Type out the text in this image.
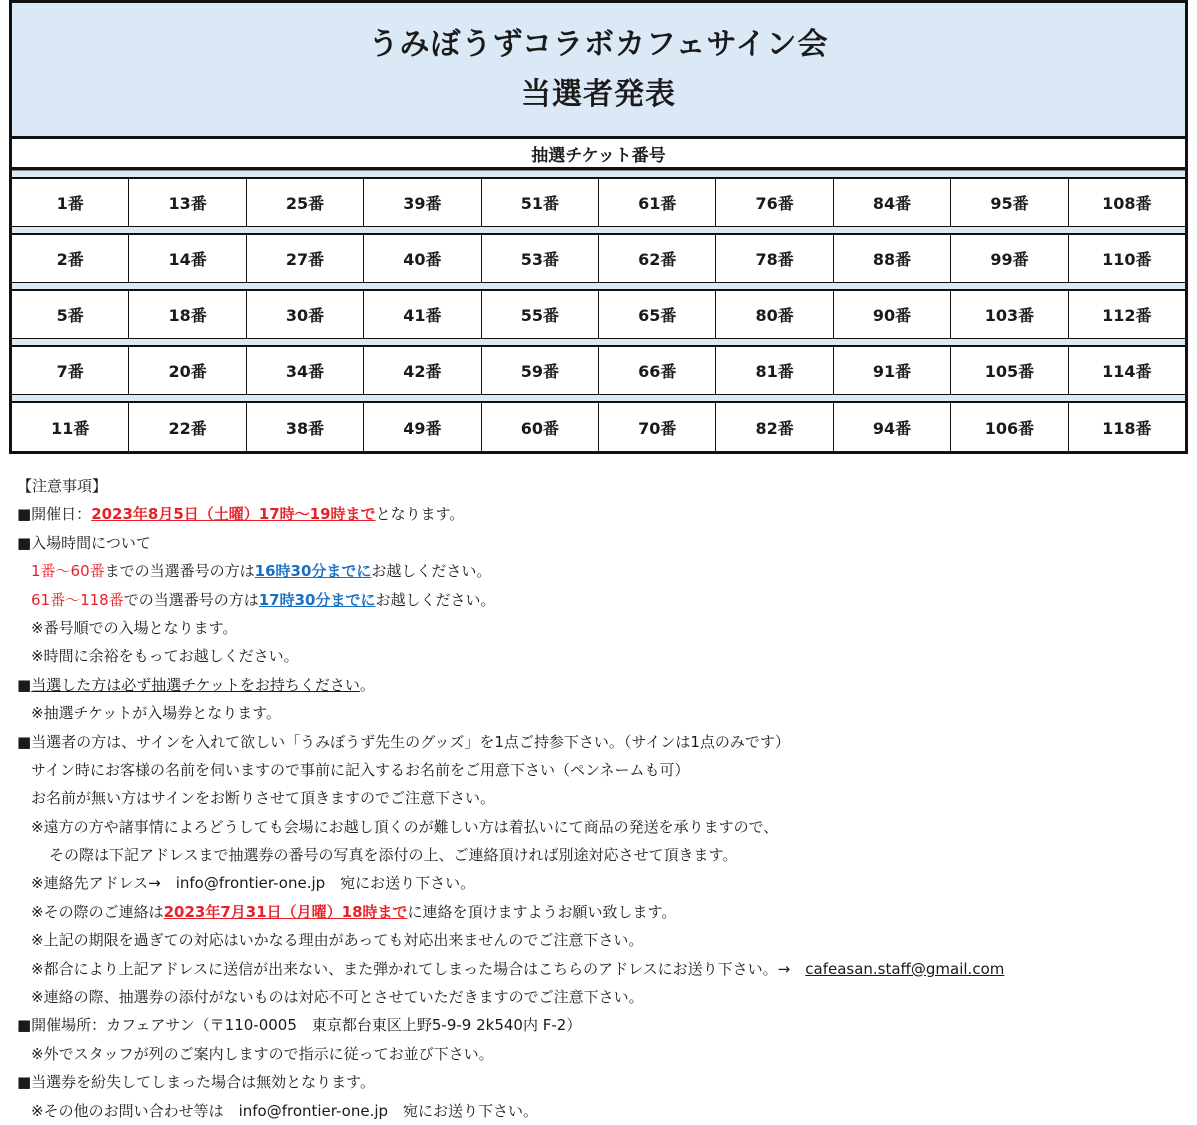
うみぼうずコラボカフェサイン会
当選者発表
抽選チケット番号
1番	13番	25番	39番	51番	61番	76番	84番	95番	108番
2番	14番	27番	40番	53番	62番	78番	88番	99番	110番
5番	18番	30番	41番	55番	65番	80番	90番	103番	112番
7番	20番	34番	42番	59番	66番	81番	91番	105番	114番
11番	22番	38番	49番	60番	70番	82番	94番	106番	118番
【注意事項】
■開催日：2023年8月5日（土曜）17時～19時までとなります。
■入場時間について
1番～60番までの当選番号の方は16時30分までにお越しください。
61番～118番での当選番号の方は17時30分までにお越しください。
※番号順での入場となります。
※時間に余裕をもってお越しください。
■当選した方は必ず抽選チケットをお持ちください。
※抽選チケットが入場券となります。
■当選者の方は、サインを入れて欲しい「うみぼうず先生のグッズ」を1点ご持参下さい。（サインは1点のみです）
サイン時にお客様の名前を伺いますので事前に記入するお名前をご用意下さい（ペンネームも可）
お名前が無い方はサインをお断りさせて頂きますのでご注意下さい。
※遠方の方や諸事情によろどうしても会場にお越し頂くのが難しい方は着払いにて商品の発送を承りますので、
その際は下記アドレスまで抽選券の番号の写真を添付の上、ご連絡頂ければ別途対応させて頂きます。
※連絡先アドレス→　info@frontier-one.jp　宛にお送り下さい。
※その際のご連絡は2023年7月31日（月曜）18時までに連絡を頂けますようお願い致します。
※上記の期限を過ぎての対応はいかなる理由があっても対応出来ませんのでご注意下さい。
※都合により上記アドレスに送信が出来ない、また弾かれてしまった場合はこちらのアドレスにお送り下さい。→　cafeasan.staff@gmail.com
※連絡の際、抽選券の添付がないものは対応不可とさせていただきますのでご注意下さい。
■開催場所：カフェアサン（〒110-0005　東京都台東区上野5-9-9 2k540内 F-2）
※外でスタッフが列のご案内しますので指示に従ってお並び下さい。
■当選券を紛失してしまった場合は無効となります。
※その他のお問い合わせ等は　info@frontier-one.jp　宛にお送り下さい。
